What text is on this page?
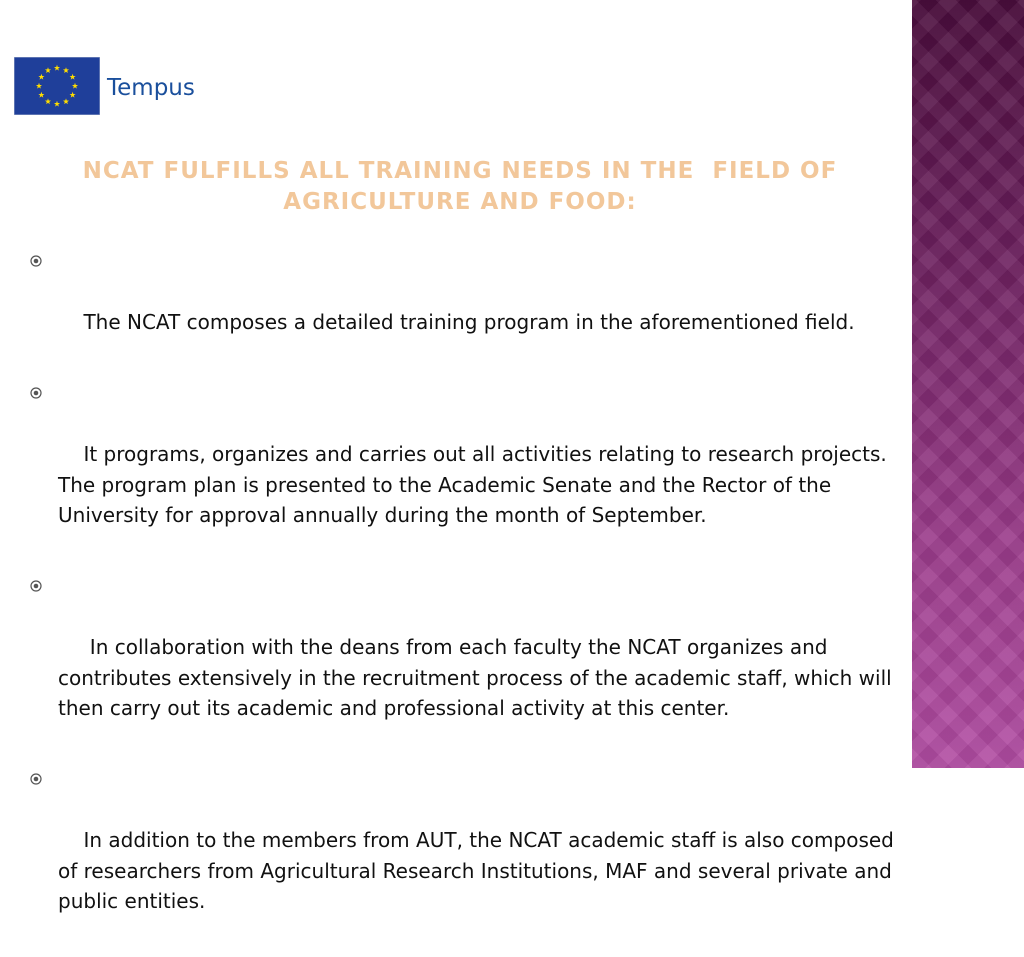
Tempus
NCAT FULFILLS ALL TRAINING NEEDS IN THE  FIELD OF AGRICULTURE AND FOOD:

The NCAT composes a detailed training program in the aforementioned field.

It programs, organizes and carries out all activities relating to research projects. The program plan is presented to the Academic Senate and the Rector of the University for approval annually during the month of September.

In collaboration with the deans from each faculty the NCAT organizes and contributes extensively in the recruitment process of the academic staff, which will then carry out its academic and professional activity at this center.

In addition to the members from AUT, the NCAT academic staff is also composed of researchers from Agricultural Research Institutions, MAF and several private and public entities.
